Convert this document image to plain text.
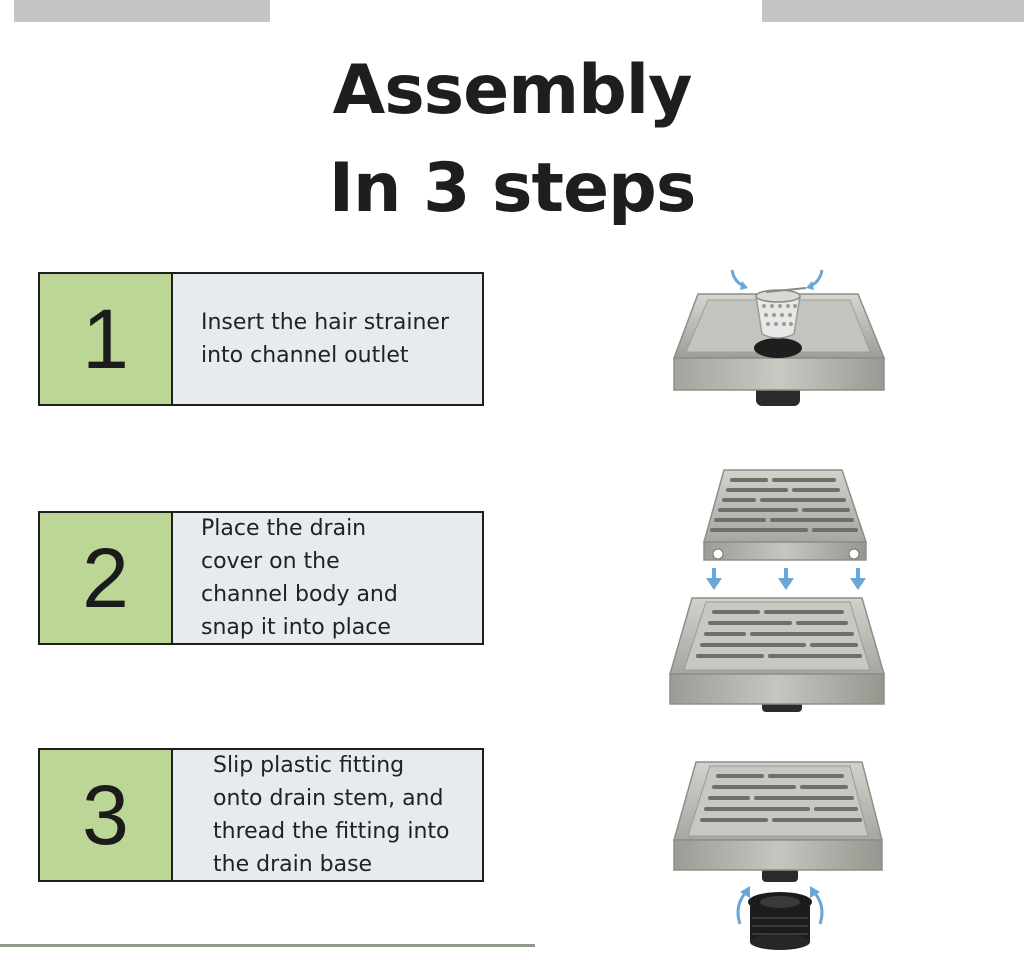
Assembly
In 3 steps
1	Insert the hair strainer
into channel outlet
2
Place the drain
cover on the
channel body and
snap it into place
3
Slip plastic fitting
onto drain stem, and
thread the fitting into
the drain base
